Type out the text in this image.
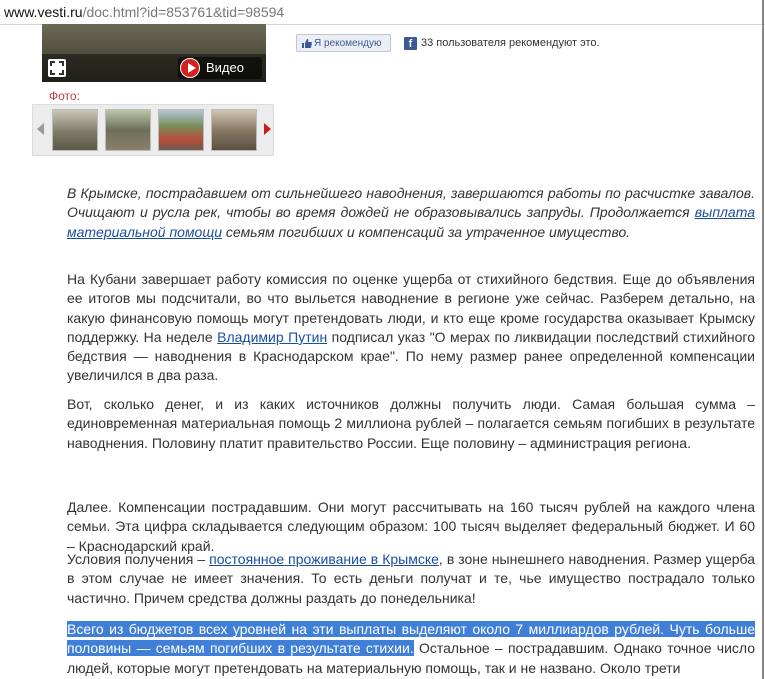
www.vesti.ru/doc.html?id=853761&tid=98594
Видео
Я рекомендую	f 33 пользователя рекомендуют это.
Фото:

В Крымске, пострадавшем от сильнейшего наводнения, завершаются работы по расчистке завалов. Очищают и русла рек, чтобы во время дождей не образовывались запруды. Продолжается выплата материальной помощи семьям погибших и компенсаций за утраченное имущество.

На Кубани завершает работу комиссия по оценке ущерба от стихийного бедствия. Еще до объявления ее итогов мы подсчитали, во что выльется наводнение в регионе уже сейчас. Разберем детально, на какую финансовую помощь могут претендовать люди, и кто еще кроме государства оказывает Крымску поддержку. На неделе Владимир Путин подписал указ "О мерах по ликвидации последствий стихийного бедствия — наводнения в Краснодарском крае". По нему размер ранее определенной компенсации увеличился в два раза.

Вот, сколько денег, и из каких источников должны получить люди. Самая большая сумма – единовременная материальная помощь 2 миллиона рублей – полагается семьям погибших в результате наводнения. Половину платит правительство России. Еще половину – администрация региона.

Далее. Компенсации пострадавшим. Они могут рассчитывать на 160 тысяч рублей на каждого члена семьи. Эта цифра складывается следующим образом: 100 тысяч выделяет федеральный бюджет. И 60 – Краснодарский край.

Условия получения – постоянное проживание в Крымске, в зоне нынешнего наводнения. Размер ущерба в этом случае не имеет значения. То есть деньги получат и те, чье имущество пострадало только частично. Причем средства должны раздать до понедельника!

Всего из бюджетов всех уровней на эти выплаты выделяют около 7 миллиардов рублей. Чуть больше половины — семьям погибших в результате стихии. Остальное – пострадавшим. Однако точное число людей, которые могут претендовать на материальную помощь, так и не названо. Около трети
